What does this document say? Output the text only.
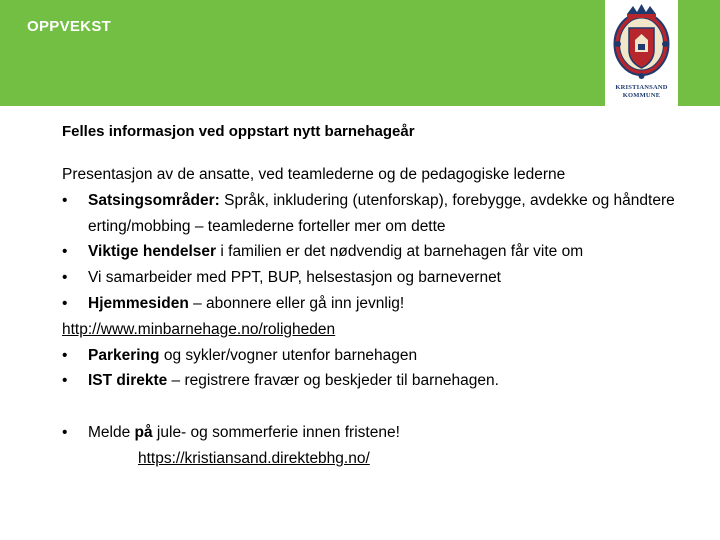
OPPVEKST
KRISTIANSAND
KOMMUNE
Felles informasjon ved oppstart nytt barnehageår
Presentasjon av de ansatte, ved teamlederne og de pedagogiske lederne
•	Satsingsområder: Språk, inkludering (utenforskap), forebygge, avdekke og håndtere erting/mobbing – teamlederne forteller mer om dette
•	Viktige hendelser i familien er det nødvendig at barnehagen får vite om
•	Vi samarbeider med PPT, BUP, helsestasjon og barnevernet
•	Hjemmesiden – abonnere eller gå inn jevnlig!
http://www.minbarnehage.no/roligheden
•	Parkering og sykler/vogner utenfor barnehagen
•	IST direkte – registrere fravær og beskjeder til barnehagen.
•	Melde på jule- og sommerferie innen fristene!
https://kristiansand.direktebhg.no/
